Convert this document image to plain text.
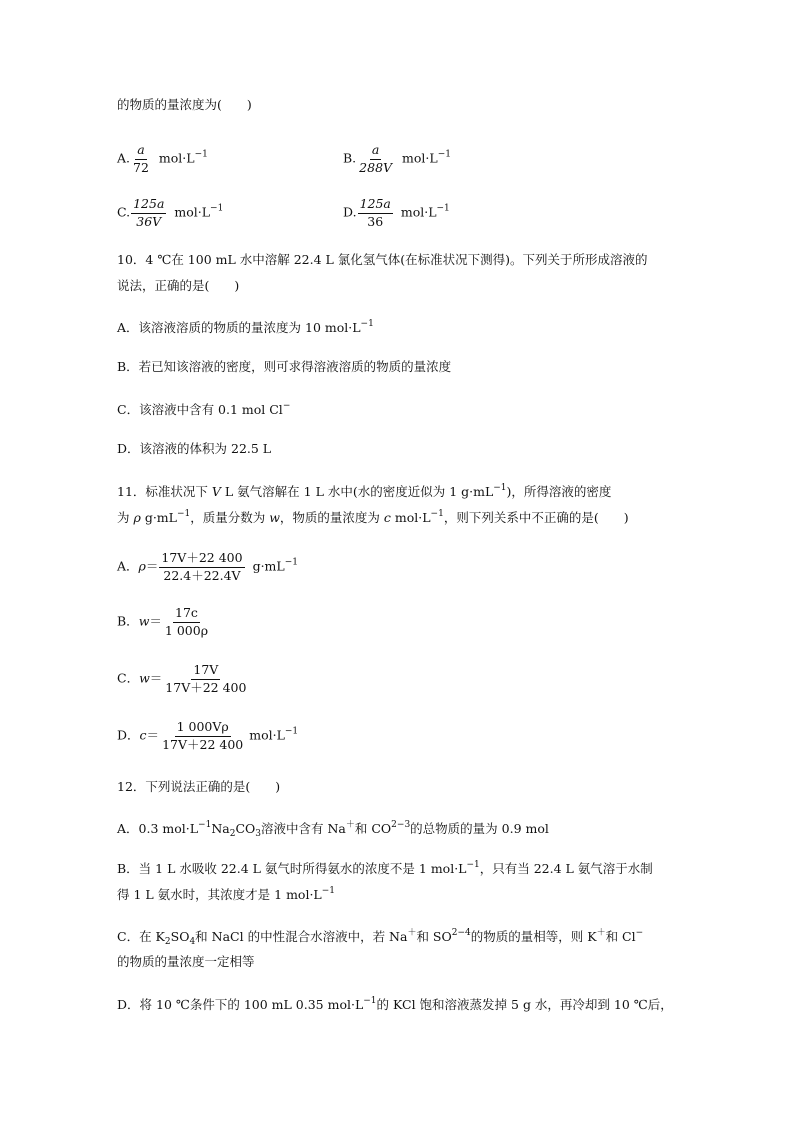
的物质的量浓度为(　　)
A. $\frac{a}{72} mol\cdot L^{-1}$	B. $\frac{a}{288V} mol\cdot L^{-1}$
C. $\frac{125a}{36V} mol\cdot L^{-1}$	D. $\frac{125a}{36} mol\cdot L^{-1}$
10．4 ℃在 100 mL 水中溶解 22.4 L 氯化氢气体(在标准状况下测得)。下列关于所形成溶液的
说法，正确的是(　　)
A．该溶液溶质的物质的量浓度为 10 $mol\cdot L^{-1}$
B．若已知该溶液的密度，则可求得溶液溶质的物质的量浓度
C．该溶液中含有 0.1 mol Cl−
D．该溶液的体积为 22.5 L
11．标准状况下 V L 氨气溶解在 1 L 水中(水的密度近似为 1 $g\cdot mL^{-1}$)，所得溶液的密度
为 ρ $g\cdot mL^{-1}$，质量分数为 w，物质的量浓度为 c $mol\cdot L^{-1}$，则下列关系中不正确的是(　　)
A．$\rho= \frac{17V+22 400}{22.4+22.4V} g\cdot mL^{-1}$
B．$w= \frac{17c}{1 000\rho}$
C．$w= \frac{17V}{17V+22 400}$
D．$c= \frac{1 000V\rho}{17V+22 400} mol\cdot L^{-1}$
12．下列说法正确的是(　　)
A．0.3 $mol\cdot L^{-1}Na_2CO_3$溶液中含有 Na＋和 $CO^{2-3}$的总物质的量为 0.9 mol
B．当 1 L 水吸收 22.4 L 氨气时所得氨水的浓度不是 1 $mol\cdot L^{-1}$，只有当 22.4 L 氨气溶于水制
得 1 L 氨水时，其浓度才是 1 $mol\cdot L^{-1}$
C．在 $K_2SO_4$和 NaCl 的中性混合水溶液中，若 Na＋和 $SO^{2-4}$的物质的量相等，则 K＋和 Cl−
的物质的量浓度一定相等
D．将 10 ℃条件下的 100 mL 0.35 $mol\cdot L^{-1}$的 KCl 饱和溶液蒸发掉 5 g 水，再冷却到 10 ℃后，
